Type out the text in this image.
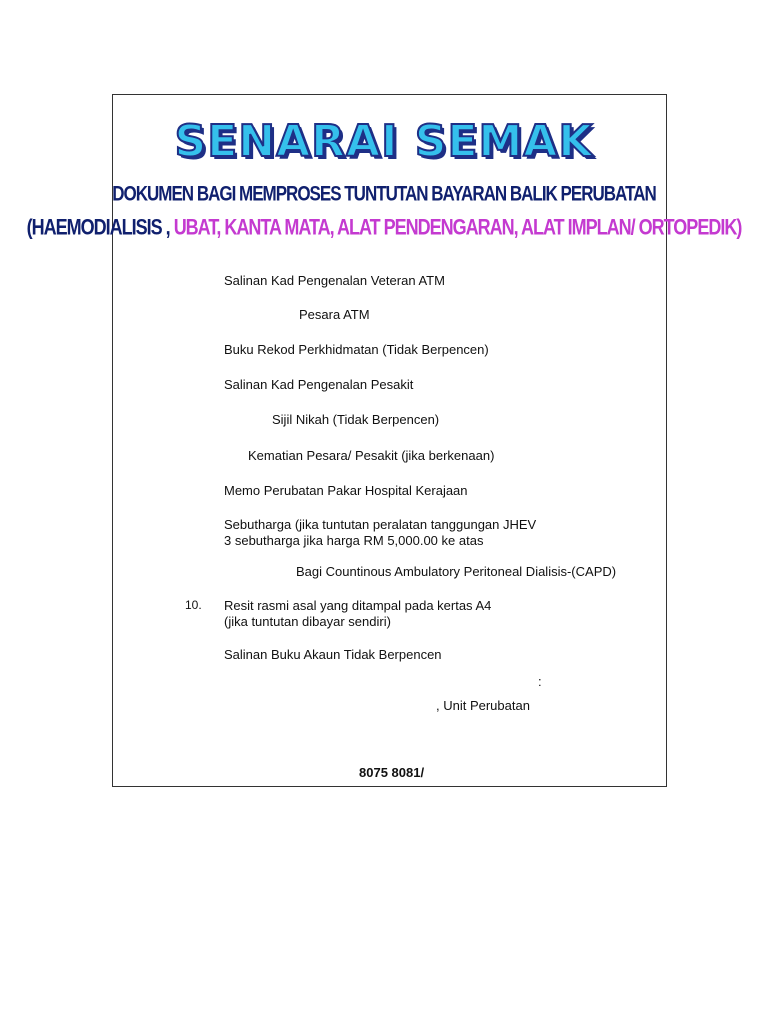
SENARAI SEMAK
DOKUMEN BAGI MEMPROSES TUNTUTAN BAYARAN BALIK PERUBATAN
(HAEMODIALISIS , UBAT, KANTA MATA, ALAT PENDENGARAN, ALAT IMPLAN/ ORTOPEDIK)
Salinan Kad Pengenalan Veteran ATM
Pesara ATM
Buku Rekod Perkhidmatan (Tidak Berpencen)
Salinan Kad Pengenalan Pesakit
Sijil Nikah (Tidak Berpencen)
Kematian Pesara/ Pesakit (jika berkenaan)
Memo Perubatan Pakar Hospital Kerajaan
Sebutharga (jika tuntutan peralatan tanggungan JHEV
3 sebutharga jika harga RM 5,000.00 ke atas
Bagi Countinous Ambulatory Peritoneal Dialisis-(CAPD)
10. Resit rasmi asal yang ditampal pada kertas A4
(jika tuntutan dibayar sendiri)
Salinan Buku Akaun Tidak Berpencen
:
, Unit Perubatan
8075 8081/
